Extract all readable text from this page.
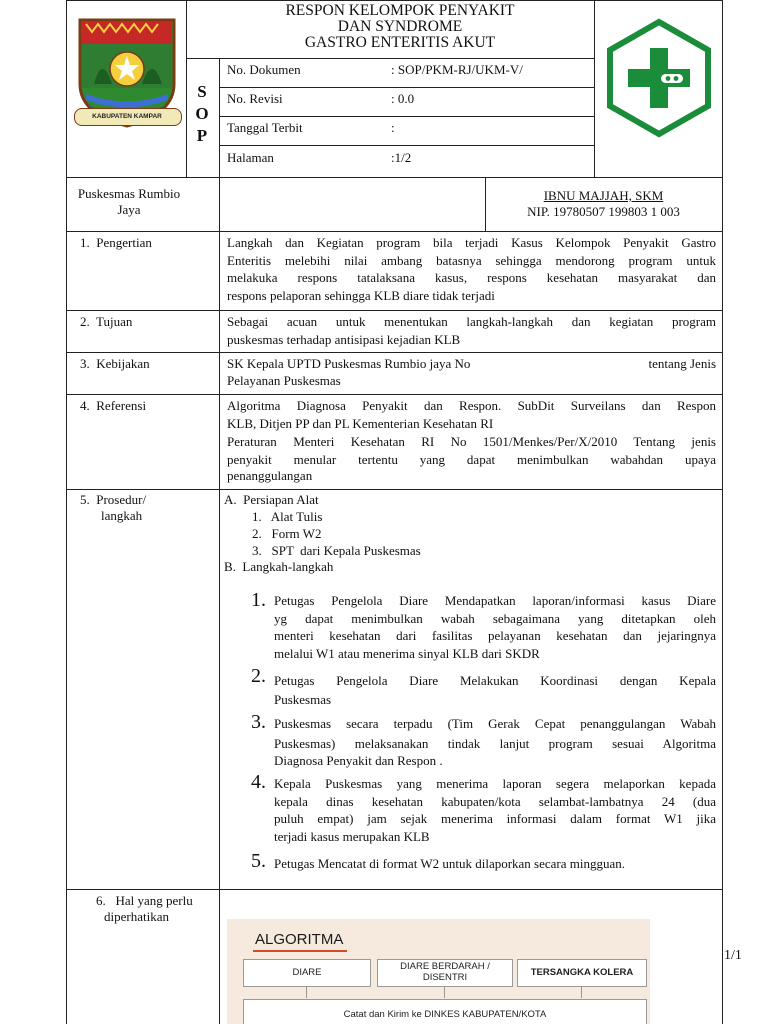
KABUPATEN KAMPAR
RESPON KELOMPOK PENYAKIT
DAN SYNDROME
GASTRO ENTERITIS AKUT
S
O
P
No. Dokumen	: SOP/PKM-RJ/UKM-V/
No. Revisi	: 0.0
Tanggal Terbit	:
Halaman	:1/2
Puskesmas Rumbio
Jaya
IBNU MAJJAH, SKM
NIP. 19780507 199803 1 003
1.  Pengertian	Langkah dan Kegiatan program bila terjadi Kasus Kelompok Penyakit Gastro
Enteritis melebihi nilai ambang batasnya sehingga mendorong program untuk
melakuka respons tatalaksana kasus, respons kesehatan masyarakat dan
respons pelaporan sehingga KLB diare tidak terjadi
2.  Tujuan	Sebagai acuan untuk menentukan langkah-langkah dan kegiatan program
puskesmas terhadap antisipasi kejadian KLB
3.  Kebijakan	SK Kepala UPTD Puskesmas Rumbio jaya No	tentang Jenis
Pelayanan Puskesmas
4.  Referensi	Algoritma Diagnosa Penyakit dan Respon. SubDit Surveilans dan Respon
KLB, Ditjen PP dan PL Kementerian Kesehatan RI
Peraturan Menteri Kesehatan RI No 1501/Menkes/Per/X/2010 Tentang jenis
penyakit menular tertentu yang dapat menimbulkan wabahdan upaya
penanggulangan
5.  Prosedur/
langkah
A.  Persiapan Alat
1.   Alat Tulis
2.   Form W2
3.   SPT  dari Kepala Puskesmas
B.  Langkah-langkah
1. Petugas Pengelola Diare Mendapatkan laporan/informasi kasus Diare
yg dapat menimbulkan wabah sebagaimana yang ditetapkan oleh
menteri kesehatan dari fasilitas pelayanan kesehatan dan jejaringnya
melalui W1 atau menerima sinyal KLB dari SKDR
2. Petugas Pengelola Diare Melakukan Koordinasi dengan Kepala
Puskesmas
3. Puskesmas secara terpadu (Tim Gerak Cepat penanggulangan Wabah
Puskesmas) melaksanakan tindak lanjut program sesuai Algoritma
Diagnosa Penyakit dan Respon .
4. Kepala Puskesmas yang menerima laporan segera melaporkan kepada
kepala dinas kesehatan kabupaten/kota selambat-lambatnya 24 (dua
puluh empat) jam sejak menerima informasi dalam format W1 jika
terjadi kasus merupakan KLB
5. Petugas Mencatat di format W2 untuk dilaporkan secara mingguan.
6.   Hal yang perlu
diperhatikan
ALGORITMA
DIARE
DIARE BERDARAH /
DISENTRI	TERSANGKA KOLERA
Catat dan Kirim ke DINKES KABUPATEN/KOTA
1/1
